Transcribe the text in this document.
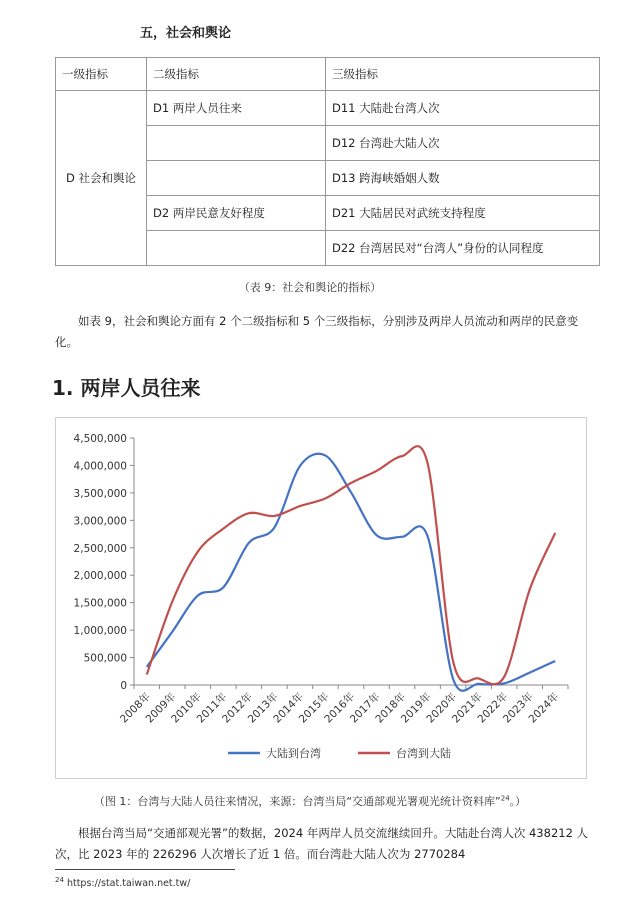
五，社会和舆论
一级指标	二级指标	三级指标
D 社会和舆论	D1 两岸人员往来	D11 大陆赴台湾人次
		D12 台湾赴大陆人次
		D13 跨海峡婚姻人数
	D2 两岸民意友好程度	D21 大陆居民对武统支持程度
		D22 台湾居民对“台湾人”身份的认同程度
（表 9：社会和舆论的指标）

如表 9，社会和舆论方面有 2 个二级指标和 5 个三级指标，分别涉及两岸人员流动和两岸的民意变化。

1. 两岸人员往来
0
500,000
1,000,000
1,500,000
2,000,000
2,500,000
3,000,000
3,500,000
4,000,000
4,500,000
2008年
2009年
2010年
2011年
2012年
2013年
2014年
2015年
2016年
2017年
2018年
2019年
2020年
2021年
2022年
2023年
2024年
大陆到台湾	台湾到大陆
（图 1：台湾与大陆人员往来情况，来源：台湾当局“交通部观光署观光统计资料库”$^{24}$。）

根据台湾当局“交通部观光署”的数据，2024 年两岸人员交流继续回升。大陆赴台湾人次 438212 人次，比 2023 年的 226296 人次增长了近 1 倍。而台湾赴大陆人次为 2770284

$^{24}$ https://stat.taiwan.net.tw/
